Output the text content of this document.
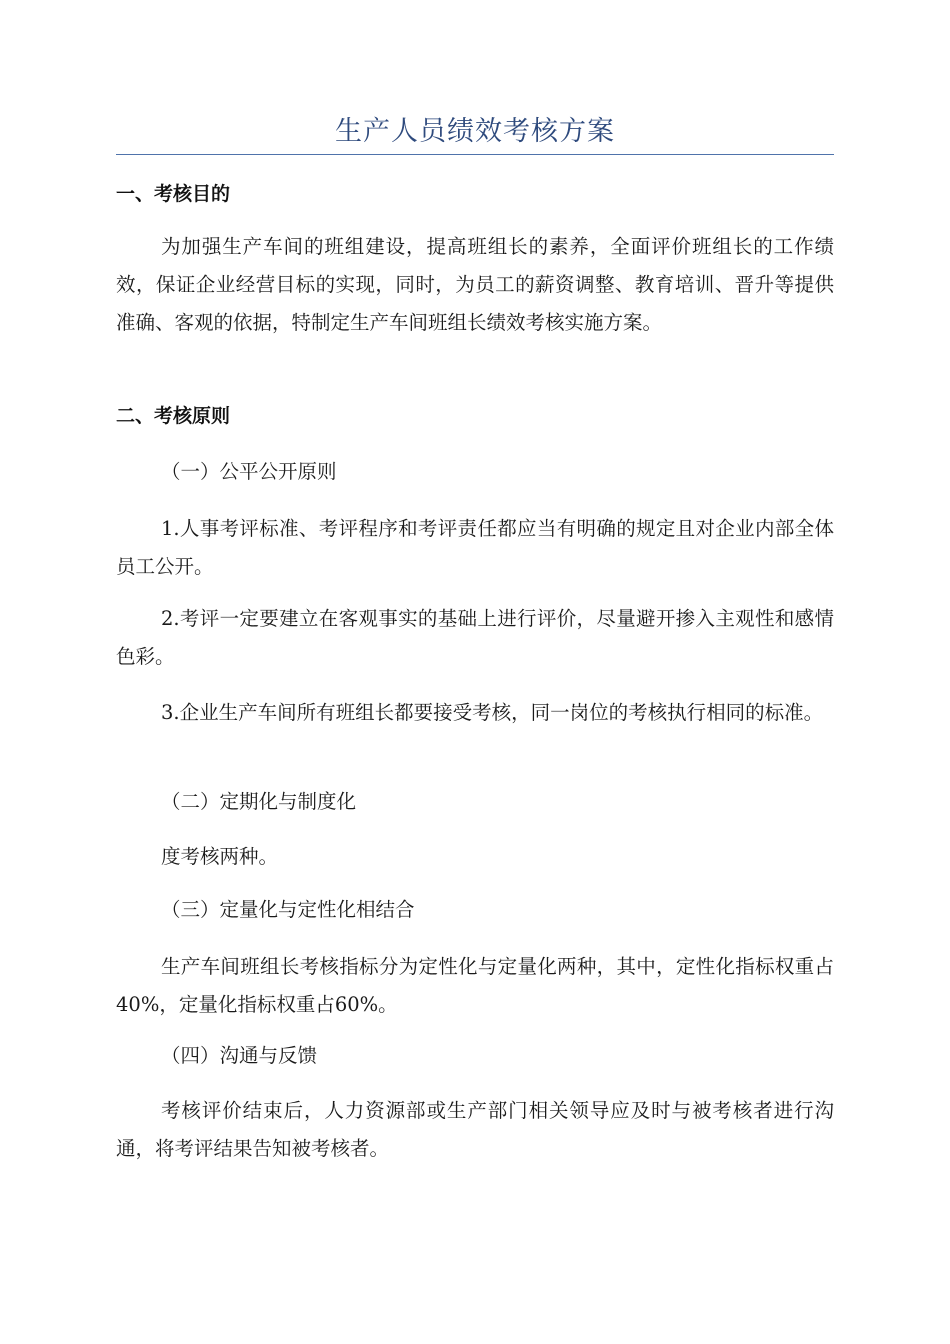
生产人员绩效考核方案
一、考核目的
为加强生产车间的班组建设，提高班组长的素养，全面评价班组长的工作绩效，保证企业经营目标的实现，同时，为员工的薪资调整、教育培训、晋升等提供准确、客观的依据，特制定生产车间班组长绩效考核实施方案。
二、考核原则
（一）公平公开原则
1.人事考评标准、考评程序和考评责任都应当有明确的规定且对企业内部全体员工公开。
2.考评一定要建立在客观事实的基础上进行评价，尽量避开掺入主观性和感情色彩。
3.企业生产车间所有班组长都要接受考核，同一岗位的考核执行相同的标准。
（二）定期化与制度化
度考核两种。
（三）定量化与定性化相结合
生产车间班组长考核指标分为定性化与定量化两种，其中，定性化指标权重占40%，定量化指标权重占60%。
（四）沟通与反馈
考核评价结束后，人力资源部或生产部门相关领导应及时与被考核者进行沟通，将考评结果告知被考核者。
